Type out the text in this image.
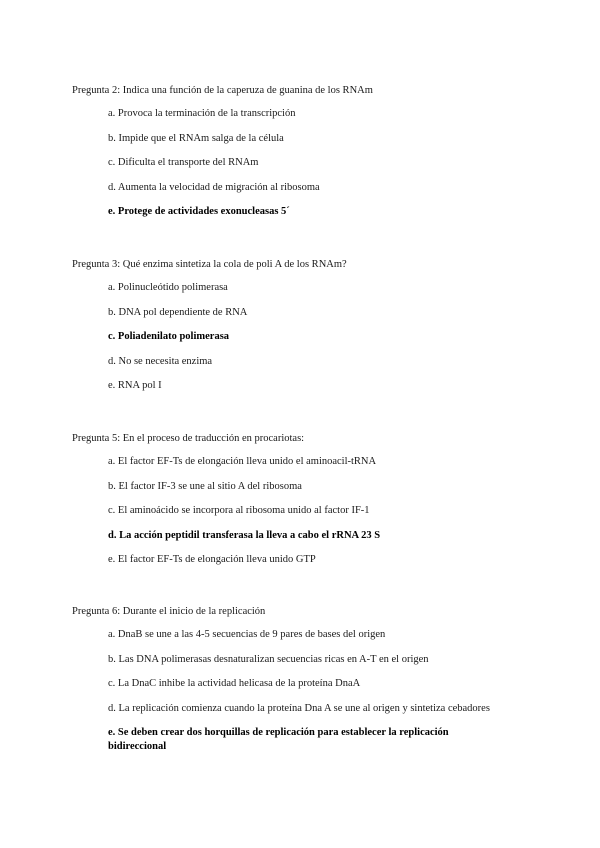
Pregunta 2: Indica una función de la caperuza de guanina de los RNAm
a. Provoca la terminación de la transcripción
b. Impide que el RNAm salga de la célula
c. Dificulta el transporte del RNAm
d. Aumenta la velocidad de migración al ribosoma
e. Protege de actividades exonucleasas 5´
Pregunta 3: Qué enzima sintetiza la cola de poli A de los RNAm?
a. Polinucleótido polimerasa
b. DNA pol dependiente de RNA
c. Poliadenilato polimerasa
d. No se necesita enzima
e. RNA pol I
Pregunta 5: En el proceso de traducción en procariotas:
a. El factor EF-Ts de elongación lleva unido el aminoacil-tRNA
b. El factor IF-3 se une al sitio A del ribosoma
c. El aminoácido se incorpora al ribosoma unido al factor IF-1
d. La acción peptidil transferasa la lleva a cabo el rRNA 23 S
e. El factor EF-Ts de elongación lleva unido GTP
Pregunta 6: Durante el inicio de la replicación
a. DnaB se une a las 4-5 secuencias de 9 pares de bases del origen
b. Las DNA polimerasas desnaturalizan secuencias ricas en A-T en el origen
c. La DnaC inhibe la actividad helicasa de la proteína DnaA
d. La replicación comienza cuando la proteína Dna A se une al origen y sintetiza cebadores
e. Se deben crear dos horquillas de replicación para establecer la replicación bidireccional
